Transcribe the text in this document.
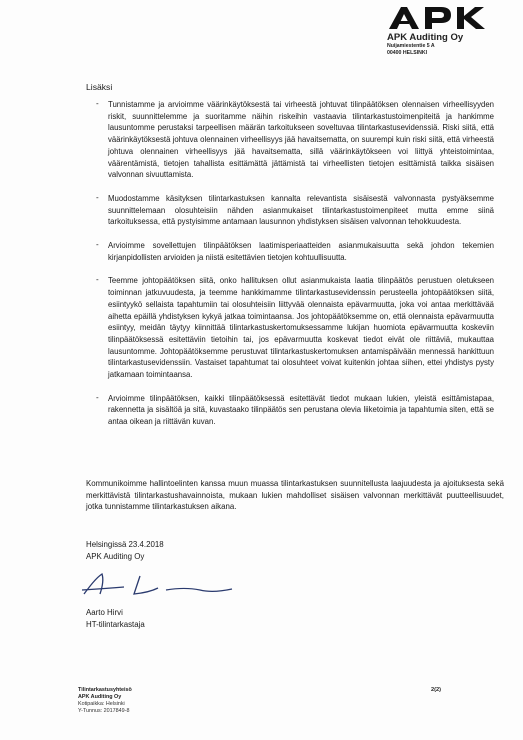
APK Auditing Oy
Nuijamiestentie 5 A
00400 HELSINKI
Lisäksi
- Tunnistamme ja arvioimme väärinkäytöksestä tai virheestä johtuvat tilinpäätöksen olennaisen virheellisyyden riskit, suunnittelemme ja suoritamme näihin riskeihin vastaavia tilintarkastustoimenpiteitä ja hankimme lausuntomme perustaksi tarpeellisen määrän tarkoitukseen soveltuvaa tilintarkastusevidenssiä. Riski siitä, että väärinkäytöksestä johtuva olennainen virheellisyys jää havaitsematta, on suurempi kuin riski siitä, että virheestä johtuva olennainen virheellisyys jää havaitsematta, sillä väärinkäytökseen voi liittyä yhteistoimintaa, väärentämistä, tietojen tahallista esittämättä jättämistä tai virheellisten tietojen esittämistä taikka sisäisen valvonnan sivuuttamista.
- Muodostamme käsityksen tilintarkastuksen kannalta relevantista sisäisestä valvonnasta pystyäksemme suunnittelemaan olosuhteisiin nähden asianmukaiset tilintarkastustoimenpiteet mutta emme siinä tarkoituksessa, että pystyisimme antamaan lausunnon yhdistyksen sisäisen valvonnan tehokkuudesta.
- Arvioimme sovellettujen tilinpäätöksen laatimisperiaatteiden asianmukaisuutta sekä johdon tekemien kirjanpidollisten arvioiden ja niistä esitettävien tietojen kohtuullisuutta.
- Teemme johtopäätöksen siitä, onko hallituksen ollut asianmukaista laatia tilinpäätös perustuen oletukseen toiminnan jatkuvuudesta, ja teemme hankkimamme tilintarkastusevidenssin perusteella johtopäätöksen siitä, esiintyykö sellaista tapahtumiin tai olosuhteisiin liittyvää olennaista epävarmuutta, joka voi antaa merkittävää aihetta epäillä yhdistyksen kykyä jatkaa toimintaansa. Jos johtopäätöksemme on, että olennaista epävarmuutta esiintyy, meidän täytyy kiinnittää tilintarkastuskertomuksessamme lukijan huomiota epävarmuutta koskeviin tilinpäätöksessä esitettäviin tietoihin tai, jos epävarmuutta koskevat tiedot eivät ole riittäviä, mukauttaa lausuntomme. Johtopäätöksemme perustuvat tilintarkastuskertomuksen antamispäivään mennessä hankittuun tilintarkastusevidenssiin. Vastaiset tapahtumat tai olosuhteet voivat kuitenkin johtaa siihen, ettei yhdistys pysty jatkamaan toimintaansa.
- Arvioimme tilinpäätöksen, kaikki tilinpäätöksessä esitettävät tiedot mukaan lukien, yleistä esittämistapaa, rakennetta ja sisältöä ja sitä, kuvastaako tilinpäätös sen perustana olevia liiketoimia ja tapahtumia siten, että se antaa oikean ja riittävän kuvan.
Kommunikoimme hallintoelinten kanssa muun muassa tilintarkastuksen suunnitellusta laajuudesta ja ajoituksesta sekä merkittävistä tilintarkastushavainnoista, mukaan lukien mahdolliset sisäisen valvonnan merkittävät puutteellisuudet, jotka tunnistamme tilintarkastuksen aikana.
Helsingissä 23.4.2018
APK Auditing Oy
Aarto Hirvi
HT-tilintarkastaja
Tilintarkastusyhteisö
APK Auditing Oy
Kotipaikka: Helsinki
Y-Tunnus: 2017849-8
2(2)
